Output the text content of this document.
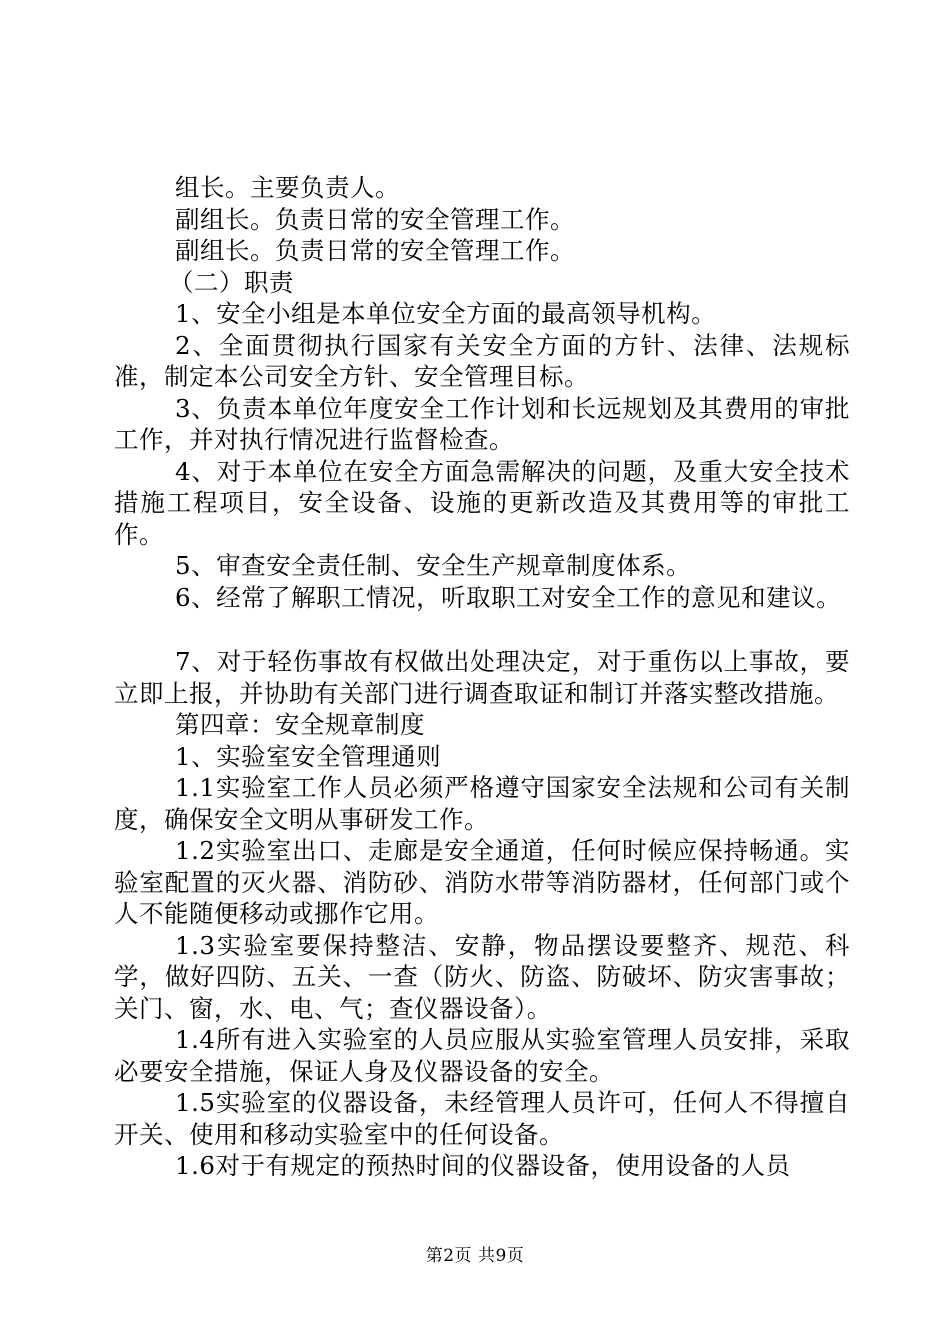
组长。主要负责人。

副组长。负责日常的安全管理工作。

副组长。负责日常的安全管理工作。

（二）职责

1、安全小组是本单位安全方面的最高领导机构。

2、全面贯彻执行国家有关安全方面的方针、法律、法规标准，制定本公司安全方针、安全管理目标。

3、负责本单位年度安全工作计划和长远规划及其费用的审批工作，并对执行情况进行监督检查。

4、对于本单位在安全方面急需解决的问题，及重大安全技术措施工程项目，安全设备、设施的更新改造及其费用等的审批工作。

5、审查安全责任制、安全生产规章制度体系。

6、经常了解职工情况，听取职工对安全工作的意见和建议。

7、对于轻伤事故有权做出处理决定，对于重伤以上事故，要立即上报，并协助有关部门进行调查取证和制订并落实整改措施。

第四章：安全规章制度

1、实验室安全管理通则

1.1实验室工作人员必须严格遵守国家安全法规和公司有关制度，确保安全文明从事研发工作。

1.2实验室出口、走廊是安全通道，任何时候应保持畅通。实验室配置的灭火器、消防砂、消防水带等消防器材，任何部门或个人不能随便移动或挪作它用。

1.3实验室要保持整洁、安静，物品摆设要整齐、规范、科学，做好四防、五关、一查（防火、防盗、防破坏、防灾害事故；关门、窗，水、电、气；查仪器设备）。

1.4所有进入实验室的人员应服从实验室管理人员安排，采取必要安全措施，保证人身及仪器设备的安全。

1.5实验室的仪器设备，未经管理人员许可，任何人不得擅自开关、使用和移动实验室中的任何设备。

1.6对于有规定的预热时间的仪器设备，使用设备的人员

第2页 共9页
